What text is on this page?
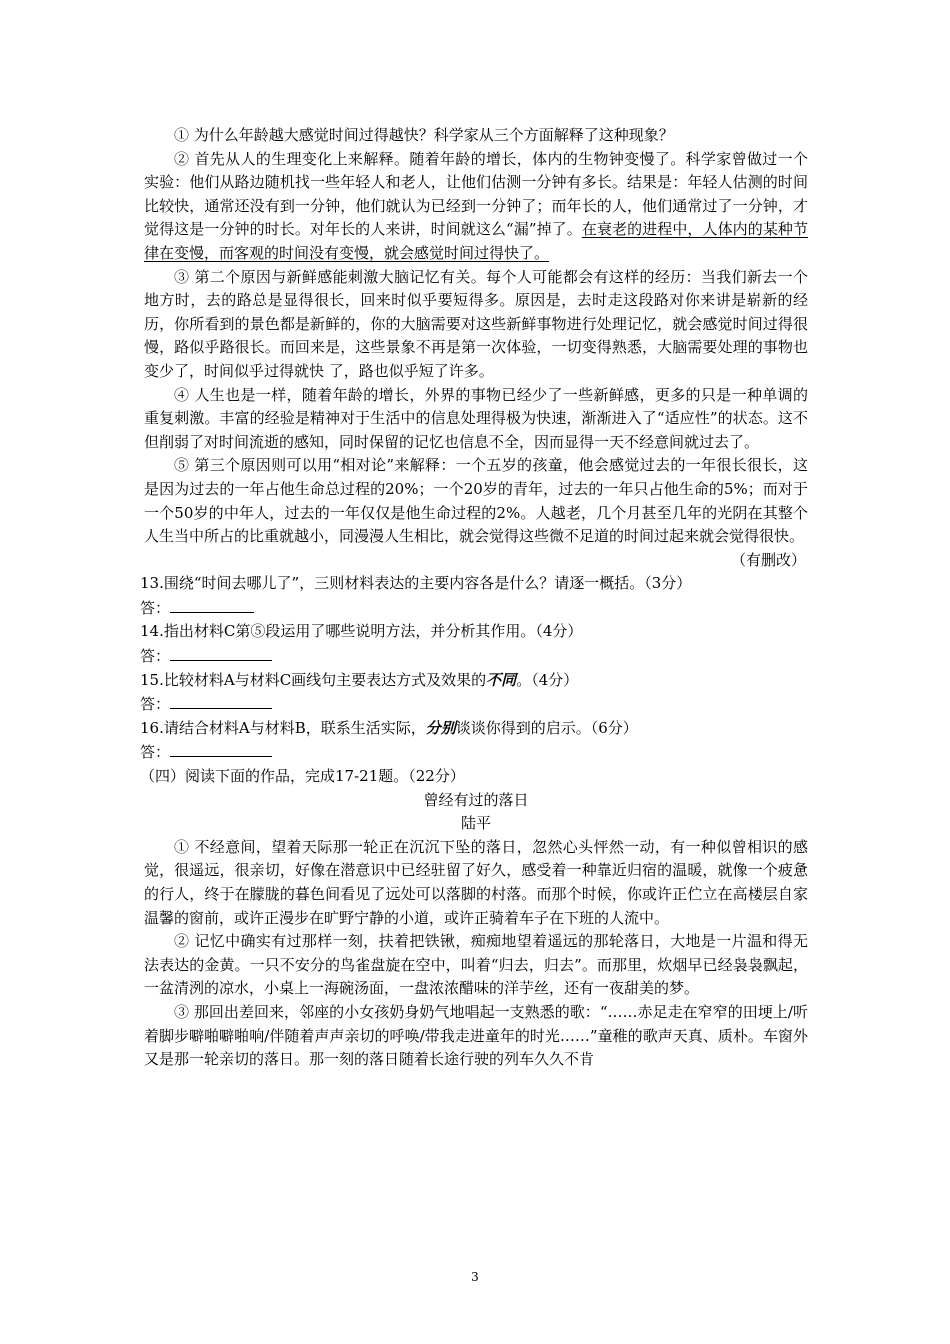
① 为什么年龄越大感觉时间过得越快？科学家从三个方面解释了这种现象？

② 首先从人的生理变化上来解释。随着年龄的增长，体内的生物钟变慢了。科学家曾做过一个实验：他们从路边随机找一些年轻人和老人，让他们估测一分钟有多长。结果是：年轻人估测的时间比较快，通常还没有到一分钟，他们就认为已经到一分钟了；而年长的人，他们通常过了一分钟，才觉得这是一分钟的时长。对年长的人来讲，时间就这么“漏”掉了。在衰老的进程中，人体内的某种节律在变慢，而客观的时间没有变慢，就会感觉时间过得快了。

③ 第二个原因与新鲜感能刺激大脑记忆有关。每个人可能都会有这样的经历：当我们新去一个地方时，去的路总是显得很长，回来时似乎要短得多。原因是，去时走这段路对你来讲是崭新的经历，你所看到的景色都是新鲜的，你的大脑需要对这些新鲜事物进行处理记忆，就会感觉时间过得很慢，路似乎路很长。而回来是，这些景象不再是第一次体验，一切变得熟悉，大脑需要处理的事物也变少了，时间似乎过得就快 了，路也似乎短了许多。

④ 人生也是一样，随着年龄的增长，外界的事物已经少了一些新鲜感，更多的只是一种单调的重复刺激。丰富的经验是精神对于生活中的信息处理得极为快速，渐渐进入了“适应性”的状态。这不但削弱了对时间流逝的感知，同时保留的记忆也信息不全，因而显得一天不经意间就过去了。

⑤ 第三个原因则可以用“相对论”来解释：一个五岁的孩童，他会感觉过去的一年很长很长，这是因为过去的一年占他生命总过程的20%；一个20岁的青年，过去的一年只占他生命的5%；而对于一个50岁的中年人，过去的一年仅仅是他生命过程的2%。人越老，几个月甚至几年的光阴在其整个人生当中所占的比重就越小，同漫漫人生相比，就会觉得这些微不足道的时间过起来就会觉得很快。

（有删改）

13.围绕“时间去哪儿了”，三则材料表达的主要内容各是什么？请逐一概括。（3分）

答：

14.指出材料C第⑤段运用了哪些说明方法，并分析其作用。（4分）

答：

15.比较材料A与材料C画线句主要表达方式及效果的不同。（4分）

答：

16.请结合材料A与材料B，联系生活实际，分别谈谈你得到的启示。（6分）

答：

（四）阅读下面的作品，完成17-21题。（22分）

曾经有过的落日

陆平

① 不经意间，望着天际那一轮正在沉沉下坠的落日，忽然心头怦然一动，有一种似曾相识的感觉，很遥远，很亲切，好像在潜意识中已经驻留了好久，感受着一种靠近归宿的温暖，就像一个疲惫的行人，终于在朦胧的暮色间看见了远处可以落脚的村落。而那个时候，你或许正伫立在高楼层自家温馨的窗前，或许正漫步在旷野宁静的小道，或许正骑着车子在下班的人流中。

② 记忆中确实有过那样一刻，扶着把铁锹，痴痴地望着遥远的那轮落日，大地是一片温和得无法表达的金黄。一只不安分的鸟雀盘旋在空中，叫着“归去，归去”。而那里，炊烟早已经袅袅飘起，一盆清洌的凉水，小桌上一海碗汤面，一盘浓浓醋味的洋芋丝，还有一夜甜美的梦。

③ 那回出差回来，邻座的小女孩奶身奶气地唱起一支熟悉的歌：“……赤足走在窄窄的田埂上/听着脚步噼啪噼啪响/伴随着声声亲切的呼唤/带我走进童年的时光……”童稚的歌声天真、质朴。车窗外又是那一轮亲切的落日。那一刻的落日随着长途行驶的列车久久不肯

3
